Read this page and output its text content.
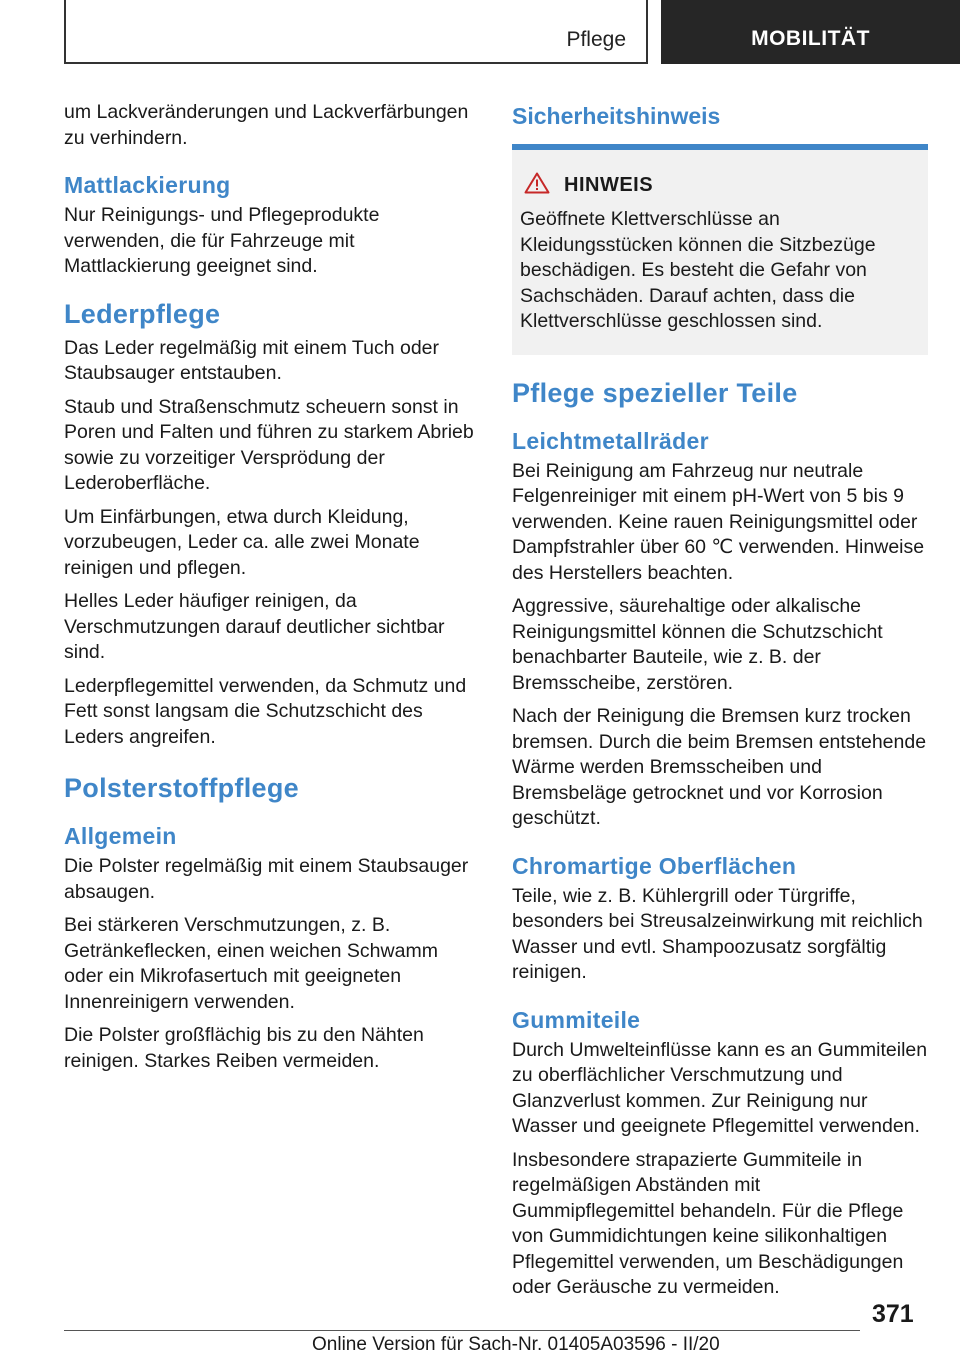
Pflege	MOBILITÄT

um Lackveränderungen und Lackverfärbungen zu verhindern.

Mattlackierung

Nur Reinigungs- und Pflegeprodukte verwenden, die für Fahrzeuge mit Mattlackierung geeignet sind.

Lederpflege

Das Leder regelmäßig mit einem Tuch oder Staubsauger entstauben.

Staub und Straßenschmutz scheuern sonst in Poren und Falten und führen zu starkem Abrieb sowie zu vorzeitiger Versprödung der Lederoberfläche.

Um Einfärbungen, etwa durch Kleidung, vorzubeugen, Leder ca. alle zwei Monate reinigen und pflegen.

Helles Leder häufiger reinigen, da Verschmutzungen darauf deutlicher sichtbar sind.

Lederpflegemittel verwenden, da Schmutz und Fett sonst langsam die Schutzschicht des Leders angreifen.

Polsterstoffpflege
Allgemein

Die Polster regelmäßig mit einem Staubsauger absaugen.

Bei stärkeren Verschmutzungen, z. B. Getränkeflecken, einen weichen Schwamm oder ein Mikrofasertuch mit geeigneten Innenreinigern verwenden.

Die Polster großflächig bis zu den Nähten reinigen. Starkes Reiben vermeiden.

Sicherheitshinweis
HINWEIS

Geöffnete Klettverschlüsse an Kleidungsstücken können die Sitzbezüge beschädigen. Es besteht die Gefahr von Sachschäden. Darauf achten, dass die Klettverschlüsse geschlossen sind.

Pflege spezieller Teile
Leichtmetallräder

Bei Reinigung am Fahrzeug nur neutrale Felgenreiniger mit einem pH-Wert von 5 bis 9 verwenden. Keine rauen Reinigungsmittel oder Dampfstrahler über 60 ℃ verwenden. Hinweise des Herstellers beachten.

Aggressive, säurehaltige oder alkalische Reinigungsmittel können die Schutzschicht benachbarter Bauteile, wie z. B. der Bremsscheibe, zerstören.

Nach der Reinigung die Bremsen kurz trocken bremsen. Durch die beim Bremsen entstehende Wärme werden Bremsscheiben und Bremsbeläge getrocknet und vor Korrosion geschützt.

Chromartige Oberflächen

Teile, wie z. B. Kühlergrill oder Türgriffe, besonders bei Streusalzeinwirkung mit reichlich Wasser und evtl. Shampoozusatz sorgfältig reinigen.

Gummiteile

Durch Umwelteinflüsse kann es an Gummiteilen zu oberflächlicher Verschmutzung und Glanzverlust kommen. Zur Reinigung nur Wasser und geeignete Pflegemittel verwenden.

Insbesondere strapazierte Gummiteile in regelmäßigen Abständen mit Gummipflegemittel behandeln. Für die Pflege von Gummidichtungen keine silikonhaltigen Pflegemittel verwenden, um Beschädigungen oder Geräusche zu vermeiden.

371
Online Version für Sach-Nr. 01405A03596 - II/20
